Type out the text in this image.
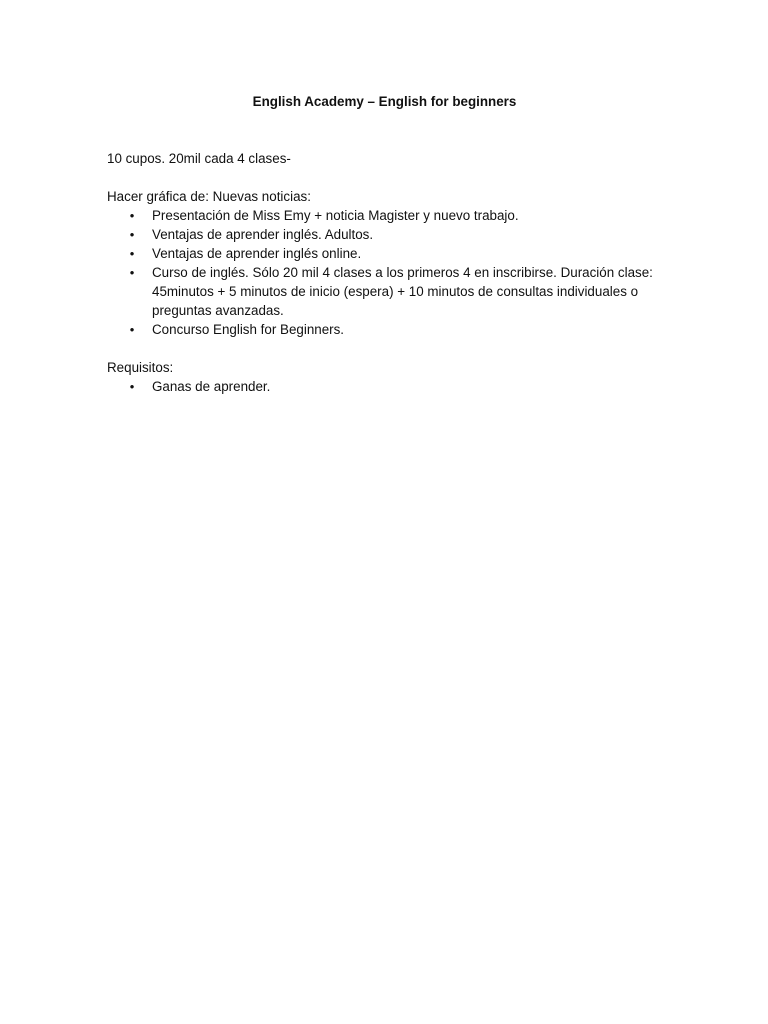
English Academy – English for beginners

10 cupos. 20mil cada 4 clases-

Hacer gráfica de: Nuevas noticias:

• Presentación de Miss Emy + noticia Magister y nuevo trabajo.
• Ventajas de aprender inglés. Adultos.
• Ventajas de aprender inglés online.
• Curso de inglés. Sólo 20 mil 4 clases a los primeros 4 en inscribirse. Duración clase: 45minutos + 5 minutos de inicio (espera) + 10 minutos de consultas individuales o preguntas avanzadas.
• Concurso English for Beginners.

Requisitos:

• Ganas de aprender.
